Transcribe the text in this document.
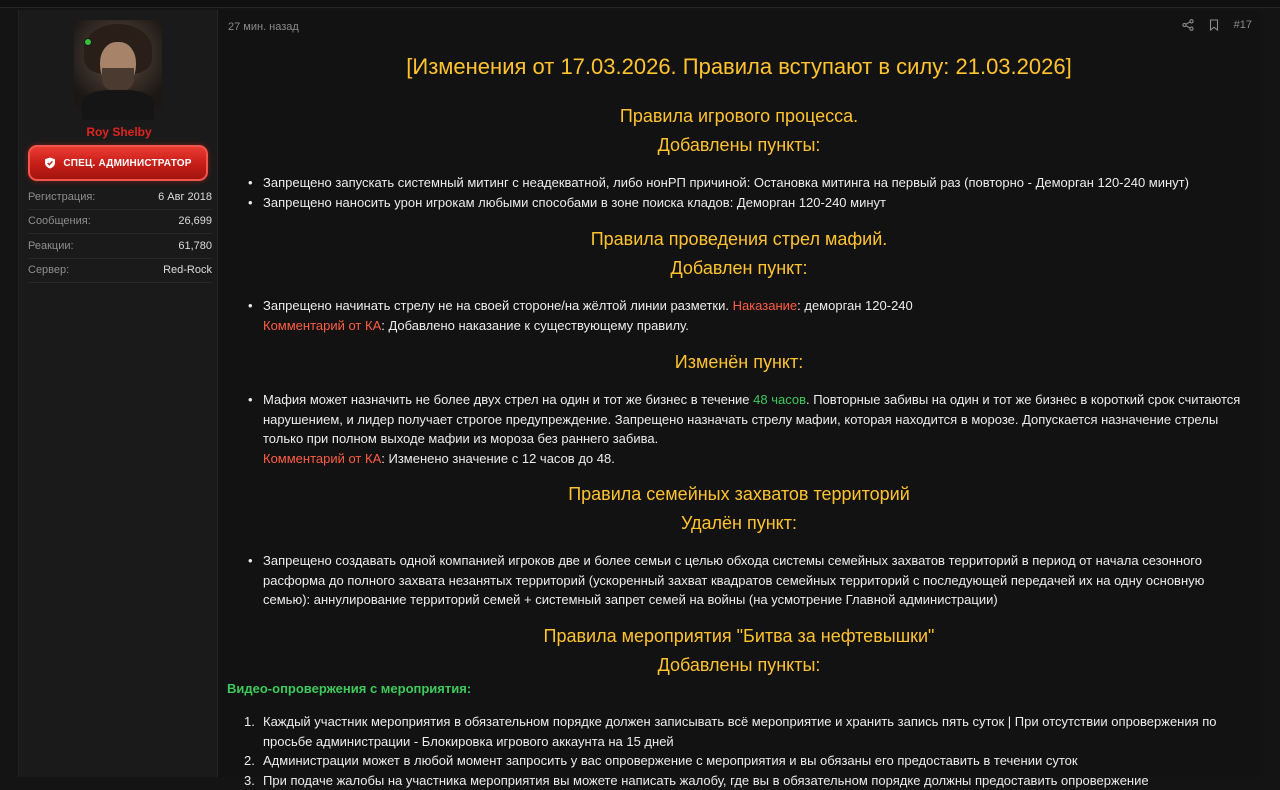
Roy Shelby
СПЕЦ. АДМИНИСТРАТОР
Регистрация:	6 Авг 2018
Сообщения:	26,699
Реакции:	61,780
Сервер:	Red-Rock
27 мин. назад	#17
[Изменения от 17.03.2026. Правила вступают в силу: 21.03.2026]
Правила игрового процесса.
Добавлены пункты:
• Запрещено запускать системный митинг с неадекватной, либо нонРП причиной: Остановка митинга на первый раз (повторно - Деморган 120-240 минут)
• Запрещено наносить урон игрокам любыми способами в зоне поиска кладов: Деморган 120-240 минут
Правила проведения стрел мафий.
Добавлен пункт:
• Запрещено начинать стрелу не на своей стороне/на жёлтой линии разметки. Наказание: деморган 120-240
Комментарий от КА: Добавлено наказание к существующему правилу.
Изменён пункт:
• Мафия может назначить не более двух стрел на один и тот же бизнес в течение 48 часов. Повторные забивы на один и тот же бизнес в короткий срок считаются нарушением, и лидер получает строгое предупреждение. Запрещено назначать стрелу мафии, которая находится в морозе. Допускается назначение стрелы только при полном выходе мафии из мороза без раннего забива.
Комментарий от КА: Изменено значение с 12 часов до 48.
Правила семейных захватов территорий
Удалён пункт:
• Запрещено создавать одной компанией игроков две и более семьи с целью обхода системы семейных захватов территорий в период от начала сезонного расформа до полного захвата незанятых территорий (ускоренный захват квадратов семейных территорий с последующей передачей их на одну основную семью): аннулирование территорий семей + системный запрет семей на войны (на усмотрение Главной администрации)
Правила мероприятия "Битва за нефтевышки"
Добавлены пункты:
Видео-опровержения с мероприятия:
1. Каждый участник мероприятия в обязательном порядке должен записывать всё мероприятие и хранить запись пять суток | При отсутствии опровержения по просьбе администрации - Блокировка игрового аккаунта на 15 дней
2. Администрации может в любой момент запросить у вас опровержение с мероприятия и вы обязаны его предоставить в течении суток
3. При подаче жалобы на участника мероприятия вы можете написать жалобу, где вы в обязательном порядке должны предоставить опровержение
